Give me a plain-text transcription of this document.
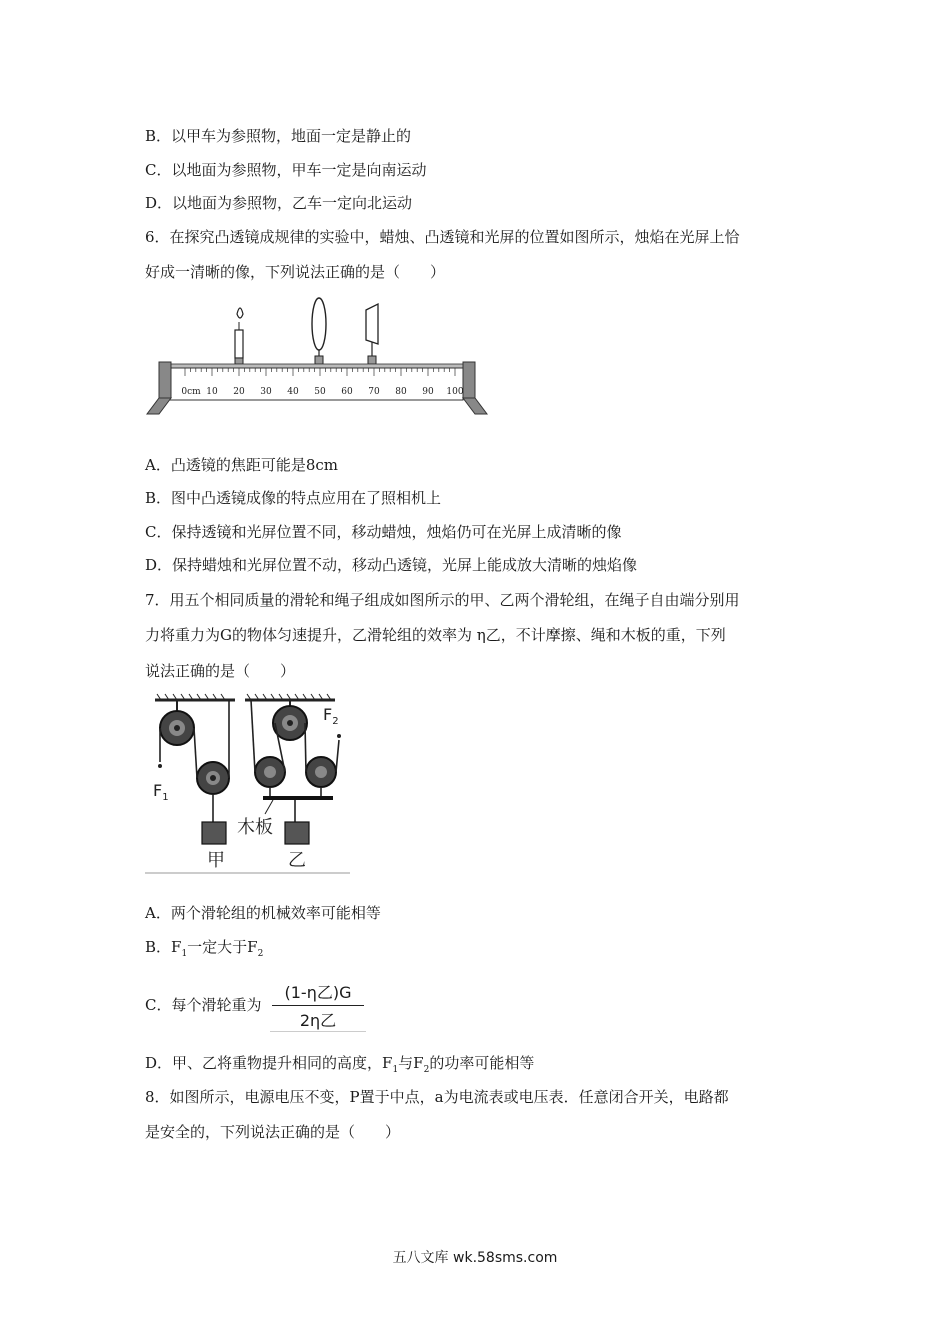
B．以甲车为参照物，地面一定是静止的
C．以地面为参照物，甲车一定是向南运动
D．以地面为参照物，乙车一定向北运动
6．在探究凸透镜成规律的实验中，蜡烛、凸透镜和光屏的位置如图所示，烛焰在光屏上恰
好成一清晰的像，下列说法正确的是（　　）
0cm 10 20 30 40 50 60 70 80 90 100
A．凸透镜的焦距可能是8cm
B．图中凸透镜成像的特点应用在了照相机上
C．保持透镜和光屏位置不同，移动蜡烛，烛焰仍可在光屏上成清晰的像
D．保持蜡烛和光屏位置不动，移动凸透镜，光屏上能成放大清晰的烛焰像
7．用五个相同质量的滑轮和绳子组成如图所示的甲、乙两个滑轮组，在绳子自由端分别用
力将重力为G的物体匀速提升，乙滑轮组的效率为 η乙，不计摩擦、绳和木板的重，下列
说法正确的是（　　）
$F_1$
$F_2$
木板
甲	乙
A．两个滑轮组的机械效率可能相等
B．$F_1$一定大于$F_2$
C．每个滑轮重为
(1-η乙)G
2η乙
D．甲、乙将重物提升相同的高度，$F_1$与$F_2$的功率可能相等
8．如图所示，电源电压不变，P置于中点，a为电流表或电压表．任意闭合开关，电路都
是安全的，下列说法正确的是（　　）
五八文库 wk.58sms.com
